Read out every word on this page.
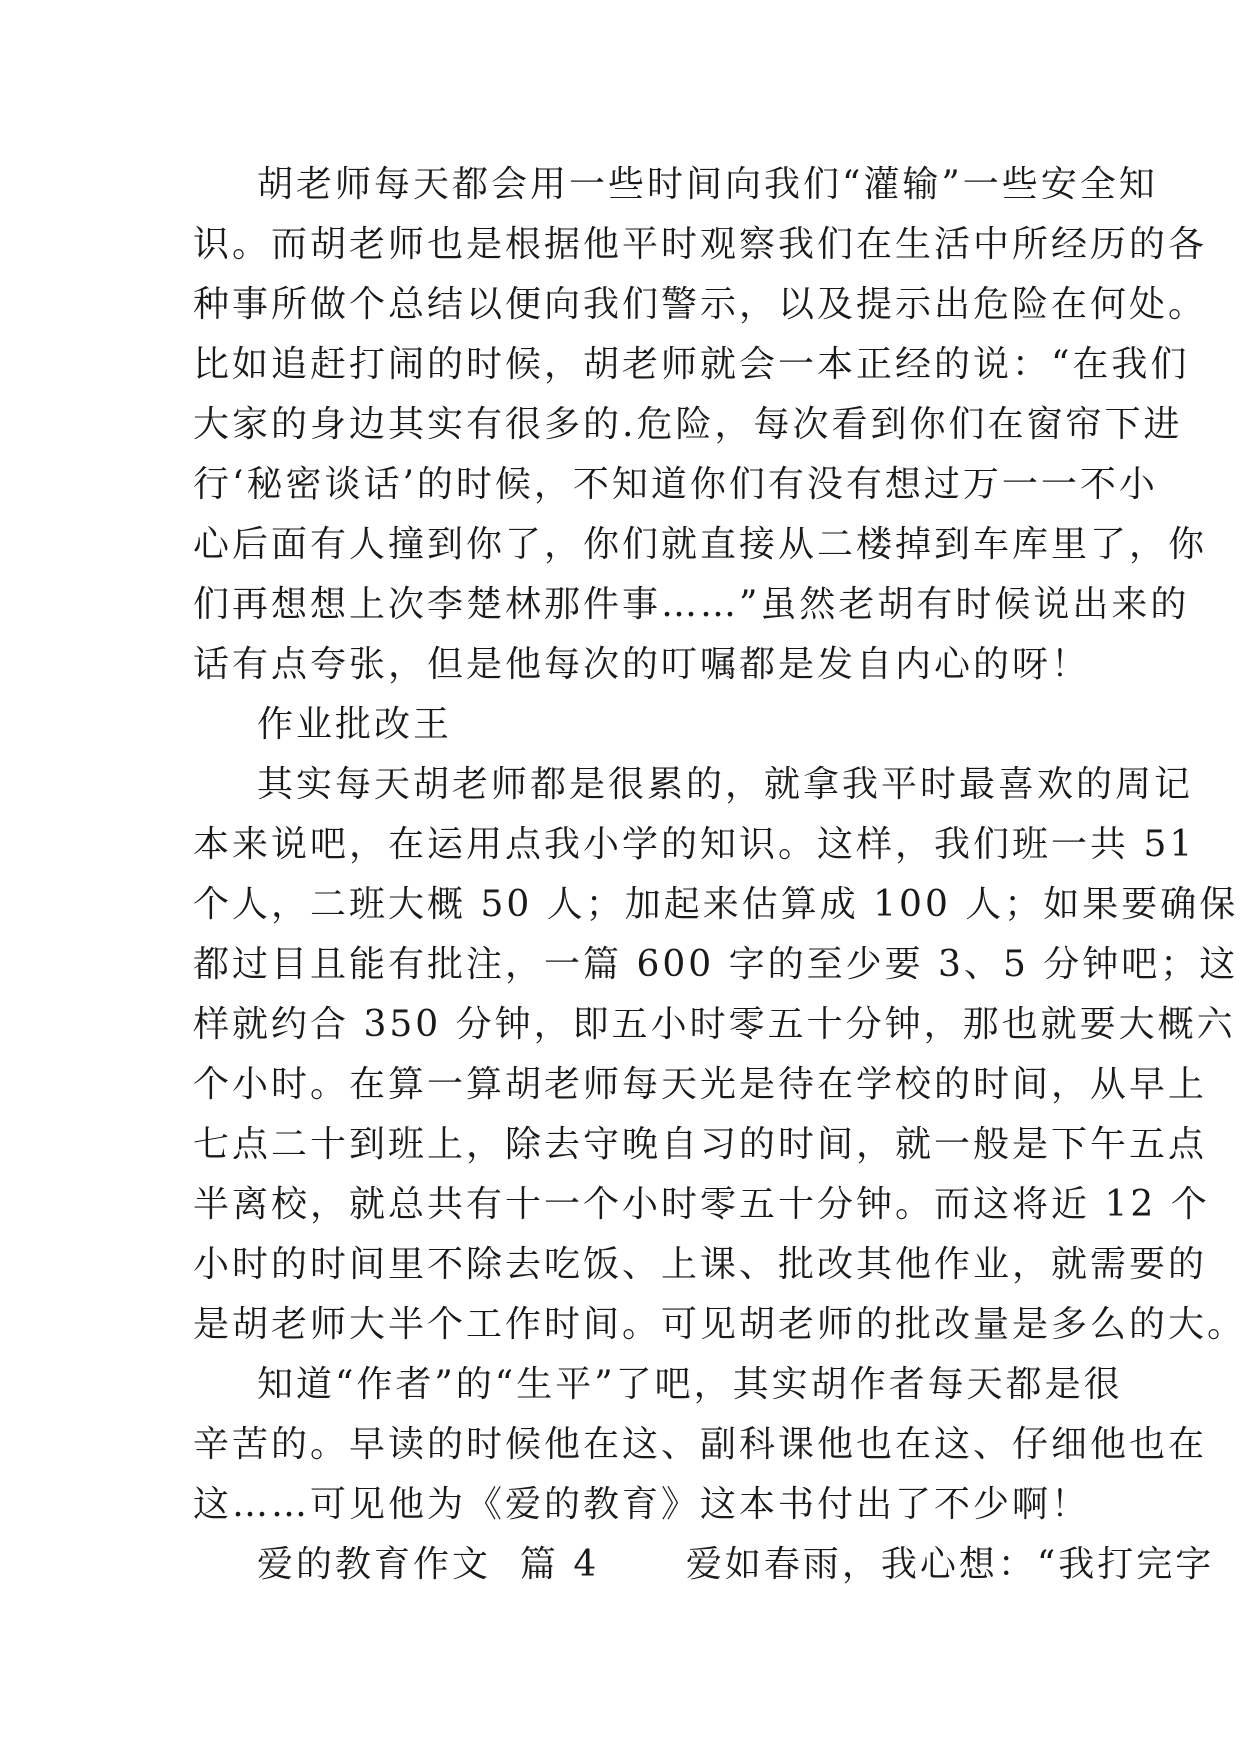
胡老师每天都会用一些时间向我们“灌输”一些安全知
识。而胡老师也是根据他平时观察我们在生活中所经历的各
种事所做个总结以便向我们警示，以及提示出危险在何处。
比如追赶打闹的时候，胡老师就会一本正经的说：“在我们
大家的身边其实有很多的.危险，每次看到你们在窗帘下进
行‘秘密谈话’的时候，不知道你们有没有想过万一一不小
心后面有人撞到你了，你们就直接从二楼掉到车库里了，你
们再想想上次李楚林那件事……”虽然老胡有时候说出来的
话有点夸张，但是他每次的叮嘱都是发自内心的呀！
作业批改王
其实每天胡老师都是很累的，就拿我平时最喜欢的周记
本来说吧，在运用点我小学的知识。这样，我们班一共 51
个人，二班大概 50 人；加起来估算成 100 人；如果要确保
都过目且能有批注，一篇 600 字的至少要 3、5 分钟吧；这
样就约合 350 分钟，即五小时零五十分钟，那也就要大概六
个小时。在算一算胡老师每天光是待在学校的时间，从早上
七点二十到班上，除去守晚自习的时间，就一般是下午五点
半离校，就总共有十一个小时零五十分钟。而这将近 12 个
小时的时间里不除去吃饭、上课、批改其他作业，就需要的
是胡老师大半个工作时间。可见胡老师的批改量是多么的大。
知道“作者”的“生平”了吧，其实胡作者每天都是很
辛苦的。早读的时候他在这、副科课他也在这、仔细他也在
这……可见他为《爱的教育》这本书付出了不少啊！
爱的教育作文  篇 4      爱如春雨，我心想：“我打完字
